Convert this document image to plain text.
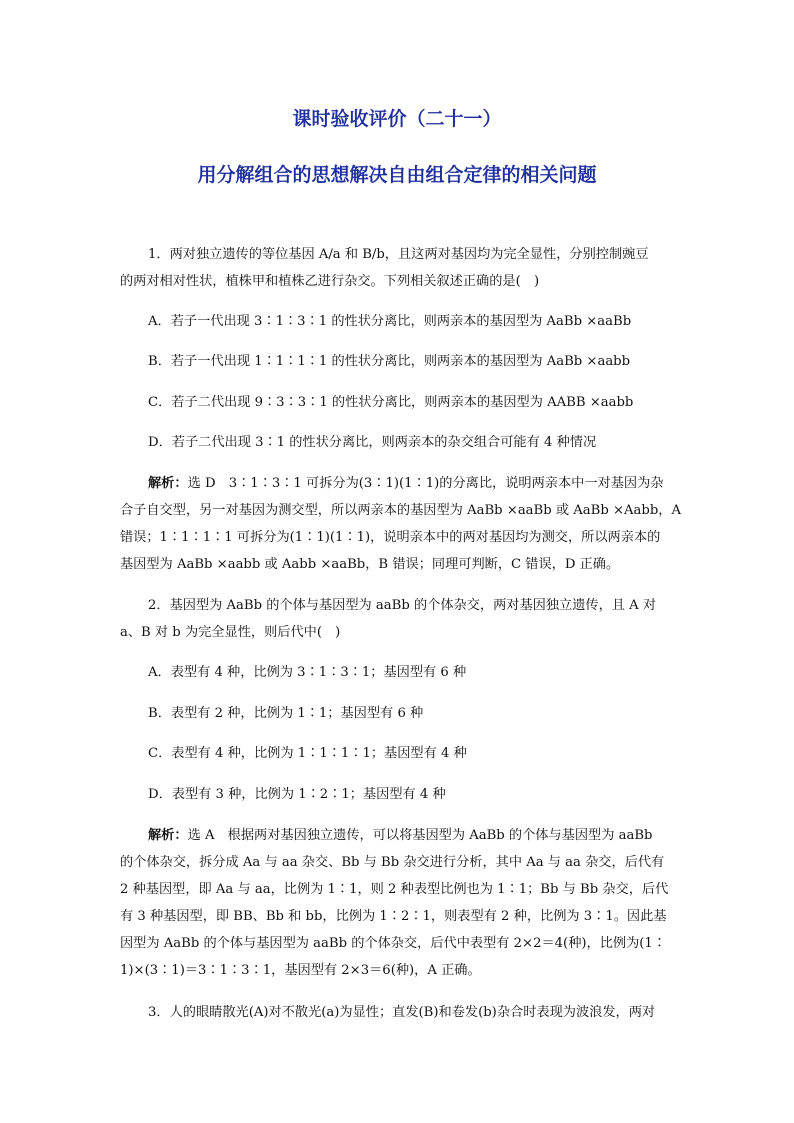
课时验收评价（二十一）
用分解组合的思想解决自由组合定律的相关问题
1．两对独立遗传的等位基因 A/a 和 B/b，且这两对基因均为完全显性，分别控制豌豆
的两对相对性状，植株甲和植株乙进行杂交。下列相关叙述正确的是(　)
A．若子一代出现 3∶1∶3∶1 的性状分离比，则两亲本的基因型为 AaBb ×aaBb
B．若子一代出现 1∶1∶1∶1 的性状分离比，则两亲本的基因型为 AaBb ×aabb
C．若子二代出现 9∶3∶3∶1 的性状分离比，则两亲本的基因型为 AABB ×aabb
D．若子二代出现 3∶1 的性状分离比，则两亲本的杂交组合可能有 4 种情况
解析：选 D　3∶1∶3∶1 可拆分为(3∶1)(1∶1)的分离比，说明两亲本中一对基因为杂
合子自交型，另一对基因为测交型，所以两亲本的基因型为 AaBb ×aaBb 或 AaBb ×Aabb，A
错误；1∶1∶1∶1 可拆分为(1∶1)(1∶1)，说明亲本中的两对基因均为测交，所以两亲本的
基因型为 AaBb ×aabb 或 Aabb ×aaBb，B 错误；同理可判断，C 错误，D 正确。
2．基因型为 AaBb 的个体与基因型为 aaBb 的个体杂交，两对基因独立遗传，且 A 对
a、B 对 b 为完全显性，则后代中(　)
A．表型有 4 种，比例为 3∶1∶3∶1；基因型有 6 种
B．表型有 2 种，比例为 1∶1；基因型有 6 种
C．表型有 4 种，比例为 1∶1∶1∶1；基因型有 4 种
D．表型有 3 种，比例为 1∶2∶1；基因型有 4 种
解析：选 A　根据两对基因独立遗传，可以将基因型为 AaBb 的个体与基因型为 aaBb
的个体杂交，拆分成 Aa 与 aa 杂交、Bb 与 Bb 杂交进行分析，其中 Aa 与 aa 杂交，后代有
2 种基因型，即 Aa 与 aa，比例为 1∶1，则 2 种表型比例也为 1∶1；Bb 与 Bb 杂交，后代
有 3 种基因型，即 BB、Bb 和 bb，比例为 1∶2∶1，则表型有 2 种，比例为 3∶1。因此基
因型为 AaBb 的个体与基因型为 aaBb 的个体杂交，后代中表型有 2×2＝4(种)，比例为(1∶
1)×(3∶1)＝3∶1∶3∶1，基因型有 2×3＝6(种)，A 正确。
3．人的眼睛散光(A)对不散光(a)为显性；直发(B)和卷发(b)杂合时表现为波浪发，两对
